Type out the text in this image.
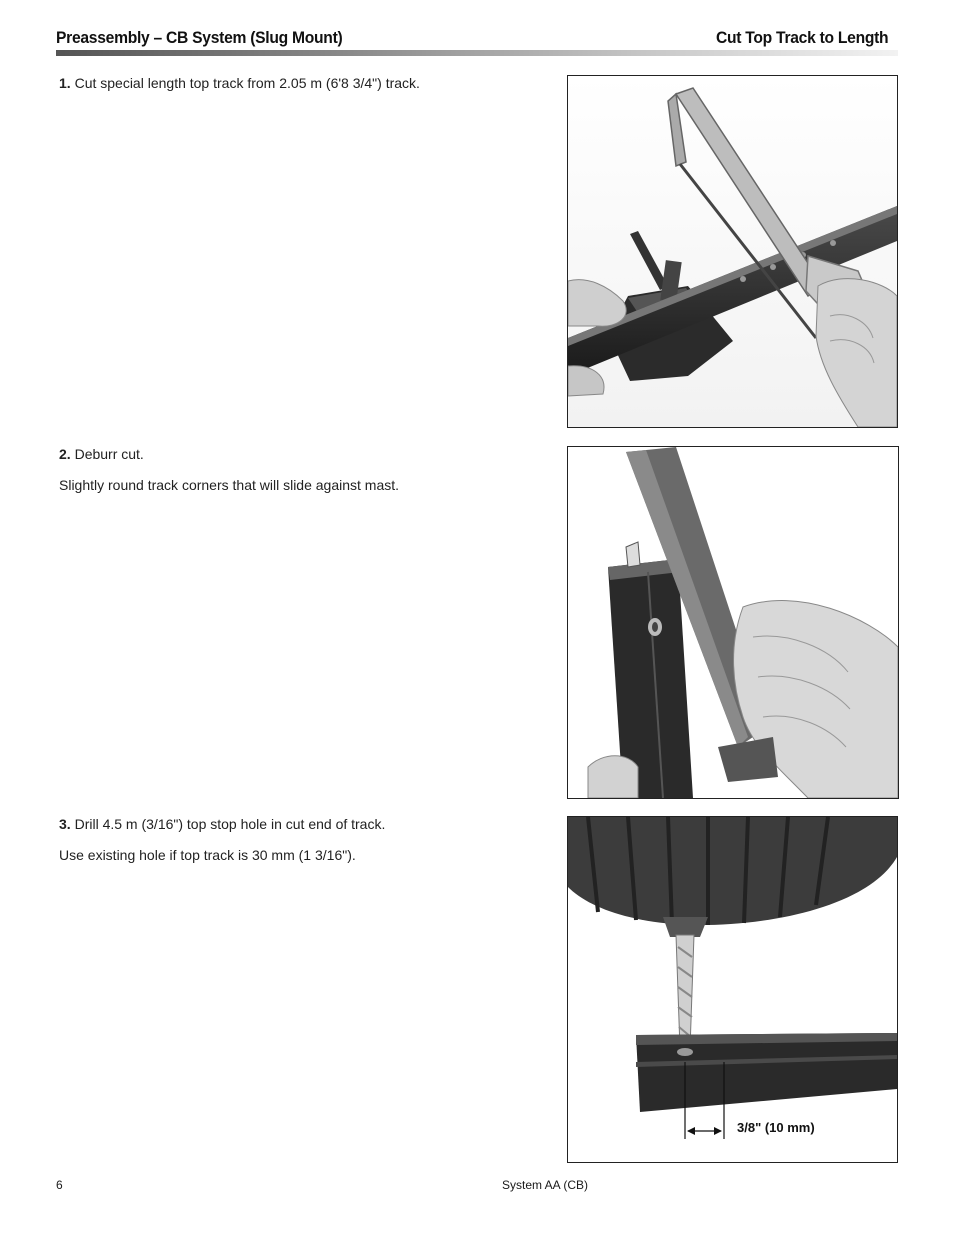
Preassembly – CB System (Slug Mount)	Cut Top Track to Length

1. Cut special length top track from 2.05 m (6'8 3/4") track.

2. Deburr cut.

Slightly round track corners that will slide against mast.

3. Drill 4.5 m (3/16") top stop hole in cut end of track.

Use existing hole if top track is 30 mm (1 3/16").

3/8" (10 mm)
6	System AA (CB)
